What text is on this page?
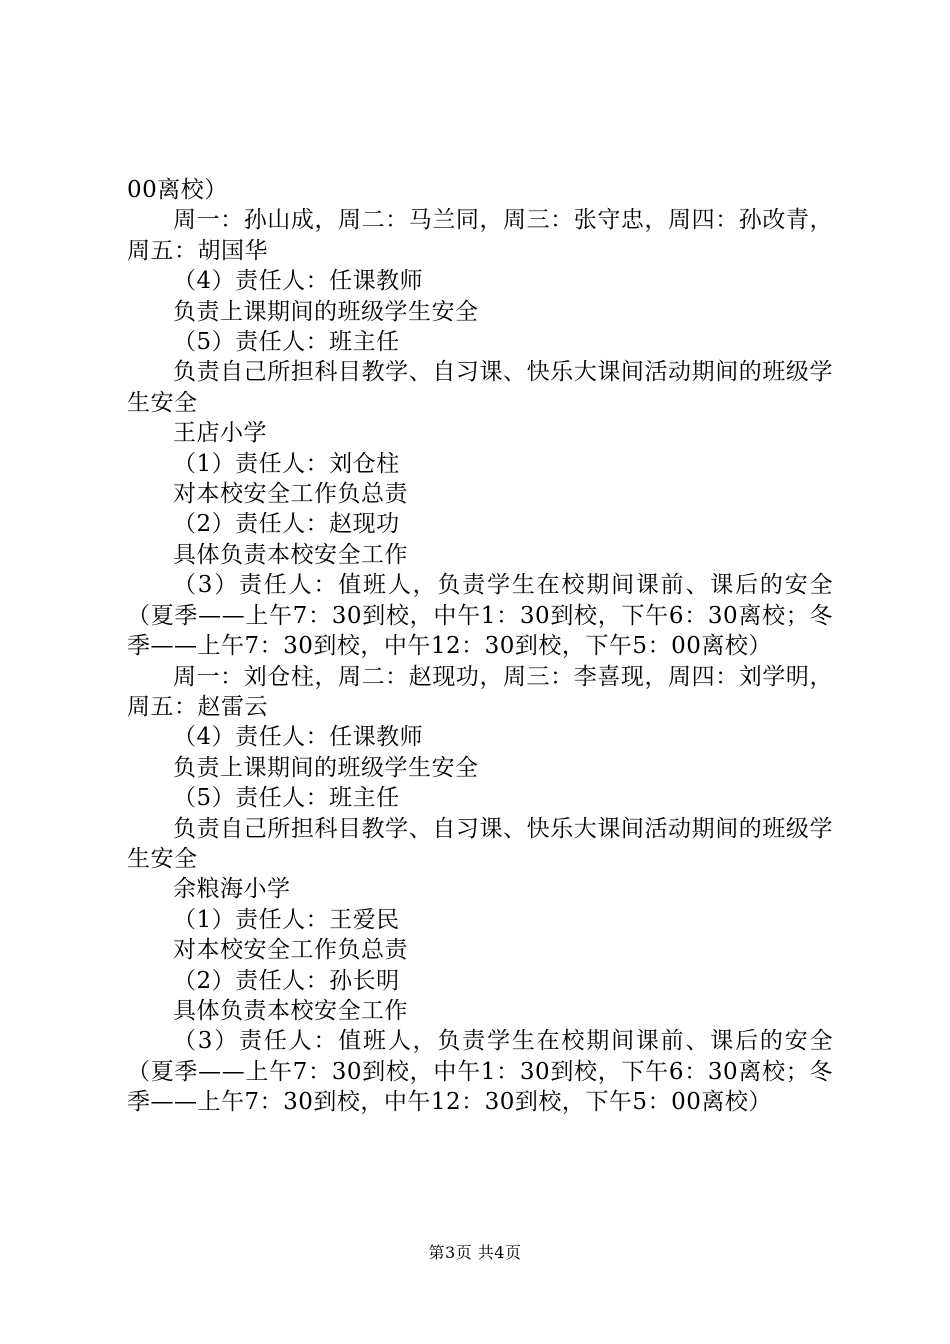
00离校）

周一：孙山成，周二：马兰同，周三：张守忠，周四：孙改青，周五：胡国华

（4）责任人：任课教师

负责上课期间的班级学生安全

（5）责任人：班主任

负责自己所担科目教学、自习课、快乐大课间活动期间的班级学生安全

王店小学

（1）责任人：刘仓柱

对本校安全工作负总责

（2）责任人：赵现功

具体负责本校安全工作

（3）责任人：值班人，负责学生在校期间课前、课后的安全（夏季——上午7：30到校，中午1：30到校，下午6：30离校；冬季——上午7：30到校，中午12：30到校，下午5：00离校）

周一：刘仓柱，周二：赵现功，周三：李喜现，周四：刘学明，周五：赵雷云

（4）责任人：任课教师

负责上课期间的班级学生安全

（5）责任人：班主任

负责自己所担科目教学、自习课、快乐大课间活动期间的班级学生安全

余粮海小学

（1）责任人：王爱民

对本校安全工作负总责

（2）责任人：孙长明

具体负责本校安全工作

（3）责任人：值班人，负责学生在校期间课前、课后的安全（夏季——上午7：30到校，中午1：30到校，下午6：30离校；冬季——上午7：30到校，中午12：30到校，下午5：00离校）

第3页 共4页
